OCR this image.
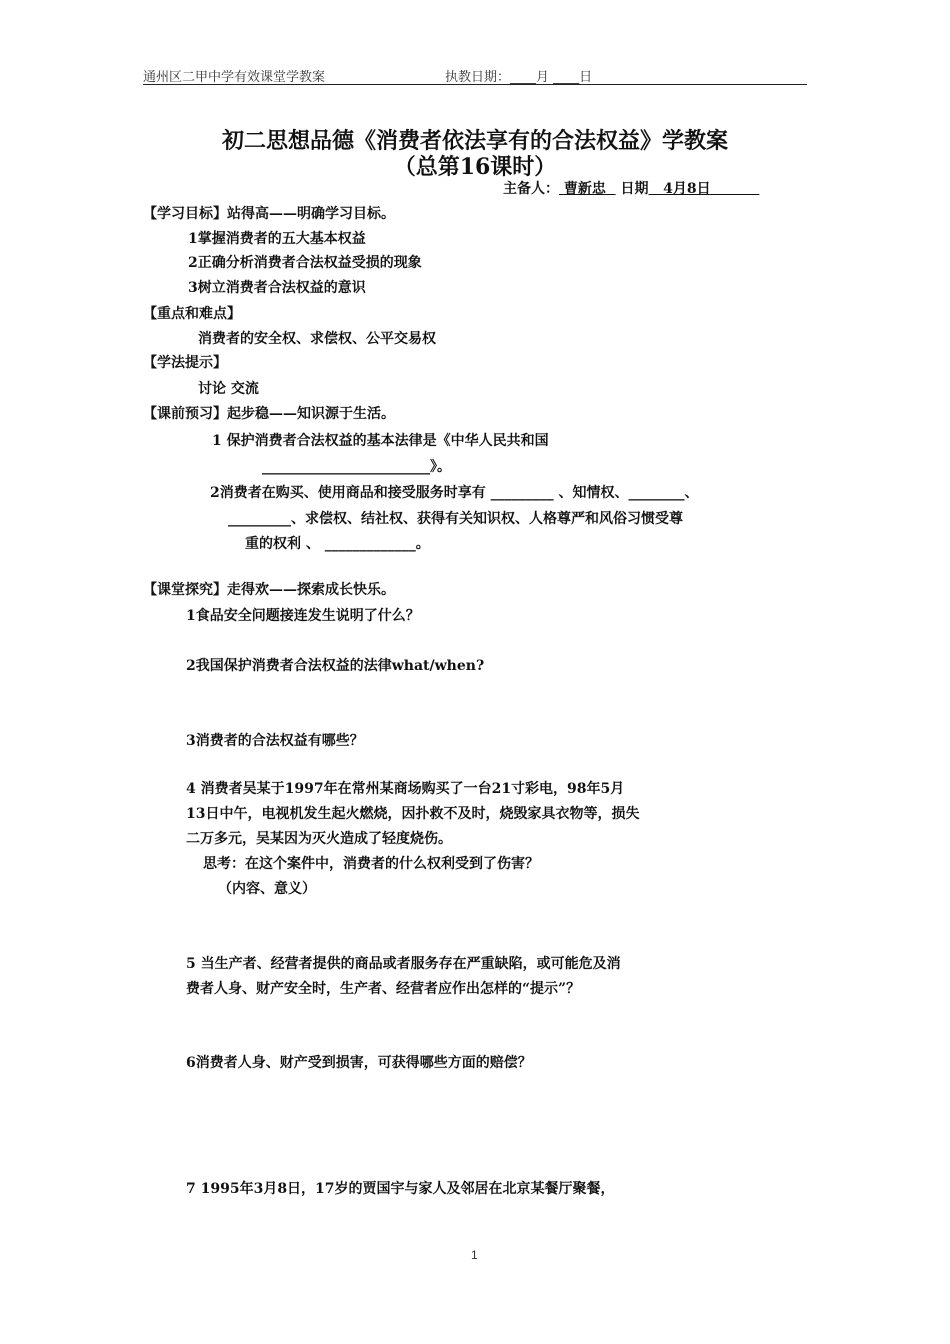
通州区二甲中学有效课堂学教案	执教日期：____月 ____日
初二思想品德《消费者依法享有的合法权益》学教案
（总第16课时）
主备人： 曹新忠 日期 4月8日
【学习目标】站得高——明确学习目标。
1掌握消费者的五大基本权益
2正确分析消费者合法权益受损的现象
3树立消费者合法权益的意识
【重点和难点】
消费者的安全权、求偿权、公平交易权
【学法提示】
讨论 交流
【课前预习】起步稳——知识源于生活。
1 保护消费者合法权益的基本法律是《中华人民共和国
________________________》。
2消费者在购买、使用商品和接受服务时享有 _________ 、知情权、________、
_________、求偿权、结社权、获得有关知识权、人格尊严和风俗习惯受尊
重的权利 、 _____________。
【课堂探究】走得欢——探索成长快乐。
1食品安全问题接连发生说明了什么？
2我国保护消费者合法权益的法律what/when?
3消费者的合法权益有哪些？
4 消费者吴某于1997年在常州某商场购买了一台21寸彩电，98年5月
13日中午，电视机发生起火燃烧，因扑救不及时，烧毁家具衣物等，损失
二万多元，吴某因为灭火造成了轻度烧伤。
思考：在这个案件中，消费者的什么权利受到了伤害？
（内容、意义）
5 当生产者、经营者提供的商品或者服务存在严重缺陷，或可能危及消
费者人身、财产安全时，生产者、经营者应作出怎样的“提示”？
6消费者人身、财产受到损害，可获得哪些方面的赔偿？
7 1995年3月8日，17岁的贾国宇与家人及邻居在北京某餐厅聚餐，
1
